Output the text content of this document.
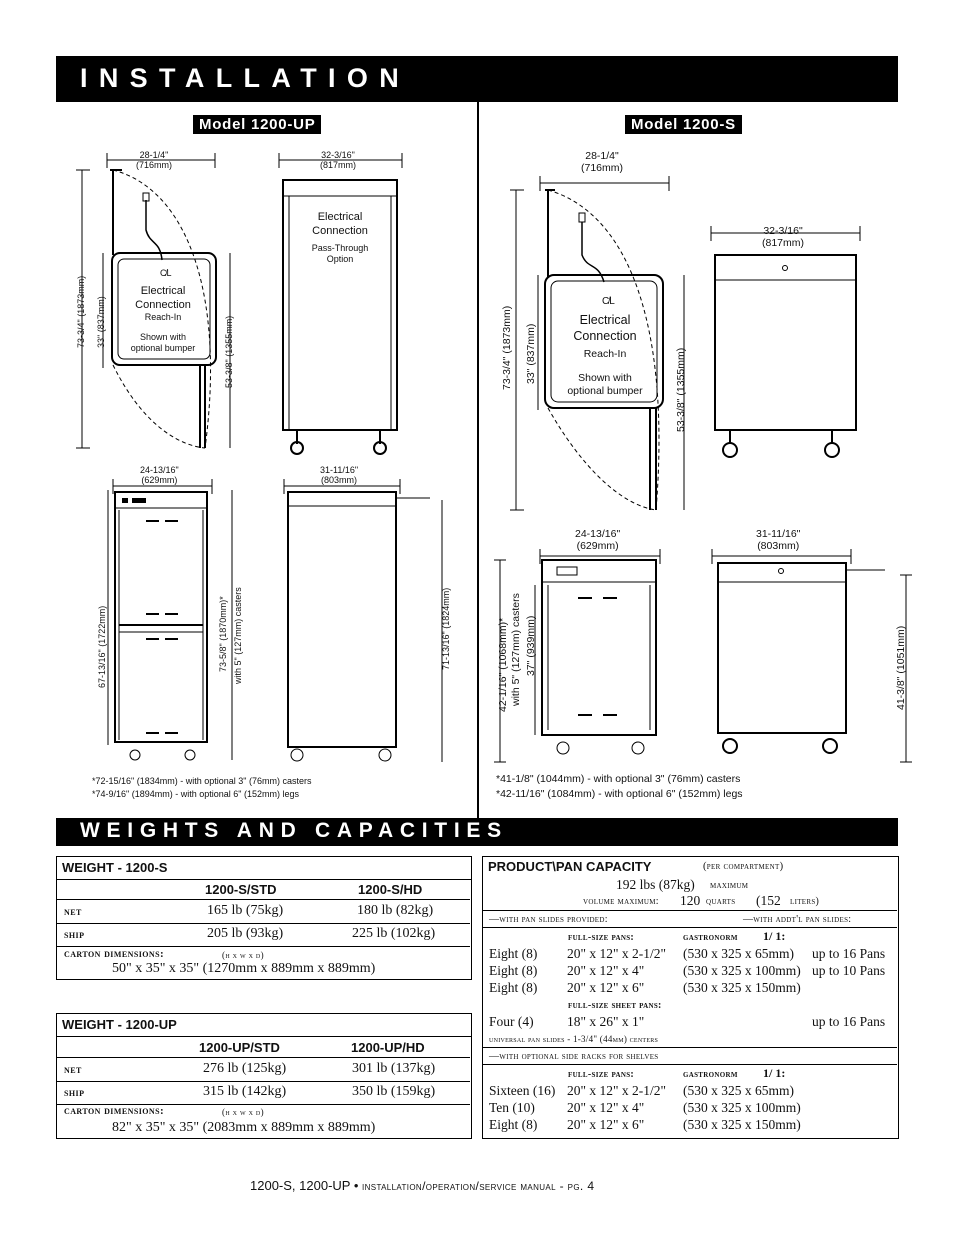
INSTALLATION
Model 1200-UP	Model 1200-S
28-1/4"
(716mm)
73-3/4" (1873mm) 33" (837mm)	53-3/8" (1355mm)
C̸L
Electrical
Connection
Reach-In
Shown with
optional bumper
32-3/16"
(817mm)
Electrical
Connection
Pass-Through
Option
24-13/16"
(629mm)
67-13/16" (1722mm)	73-5/8" (1870mm)* with 5" (127mm) casters
31-11/16"
(803mm)
71-13/16" (1824mm)
*72-15/16" (1834mm) - with optional 3" (76mm) casters
*74-9/16" (1894mm) - with optional 6" (152mm) legs
28-1/4"
(716mm)
73-3/4" (1873mm) 33" (837mm)	53-3/8" (1355mm)
C̸L
Electrical
Connection
Reach-In
Shown with
optional bumper
32-3/16"
(817mm)
24-13/16"
(629mm)
42-1/16" (1068mm)* with 5" (127mm) casters 37" (939mm)
31-11/16"
(803mm)
41-3/8" (1051mm)
*41-1/8" (1044mm) - with optional 3" (76mm) casters
*42-11/16" (1084mm) - with optional 6" (152mm) legs
WEIGHTS AND CAPACITIES
WEIGHT - 1200-S
1200-S/STD	1200-S/HD
net	165 lb (75kg)	180 lb (82kg)
ship	205 lb (93kg)	225 lb (102kg)
carton dimensions:	(h x w x d)
50" x 35" x 35" (1270mm x 889mm x 889mm)
WEIGHT - 1200-UP
1200-UP/STD	1200-UP/HD
net	276 lb (125kg)	301 lb (137kg)
ship	315 lb (142kg)	350 lb (159kg)
carton dimensions:	(h x w x d)
82" x 35" x 35" (2083mm x 889mm x 889mm)
PRODUCT\PAN CAPACITY	(per compartment)
192 lbs (87kg) maximum
volume maximum: 120 quarts (152 liters)
—with pan slides provided:	—with addt'l pan slides:
full-size pans:	gastronorm 1/ 1:
Eight (8) 20" x 12" x 2-1/2" (530 x 325 x 65mm) up to 16 Pans
Eight (8) 20" x 12" x 4"	(530 x 325 x 100mm) up to 10 Pans
Eight (8) 20" x 12" x 6"	(530 x 325 x 150mm)
full-size sheet pans:
Four (4) 18" x 26" x 1"	up to 16 Pans
universal pan slides - 1-3/4" (44mm) centers
—with optional side racks for shelves
full-size pans:	gastronorm 1/ 1:
Sixteen (16) 20" x 12" x 2-1/2" (530 x 325 x 65mm)
Ten (10) 20" x 12" x 4"	(530 x 325 x 100mm)
Eight (8) 20" x 12" x 6"	(530 x 325 x 150mm)
1200-S, 1200-UP • installation/operation/service manual - pg. 4
